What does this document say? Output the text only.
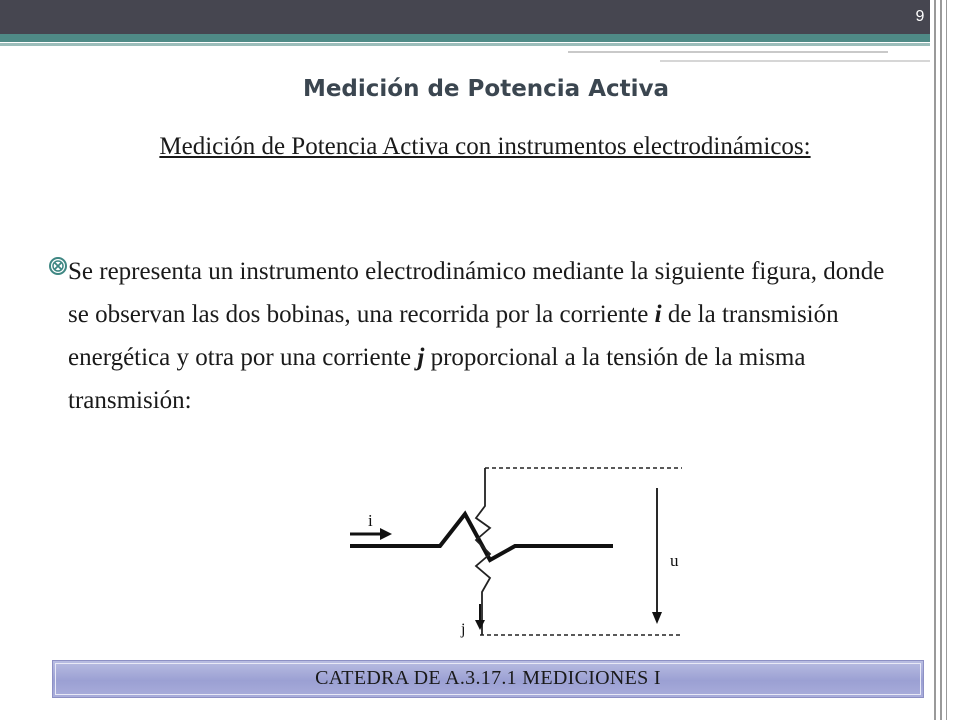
9
Medición de Potencia Activa
Medición de Potencia Activa con instrumentos electrodinámicos:
Se representa un instrumento electrodinámico mediante la siguiente figura, donde se observan las dos bobinas, una recorrida por la corriente i de la transmisión energética y otra por una corriente j proporcional a la tensión de la misma transmisión:
i
j
u
CATEDRA DE A.3.17.1 MEDICIONES I
